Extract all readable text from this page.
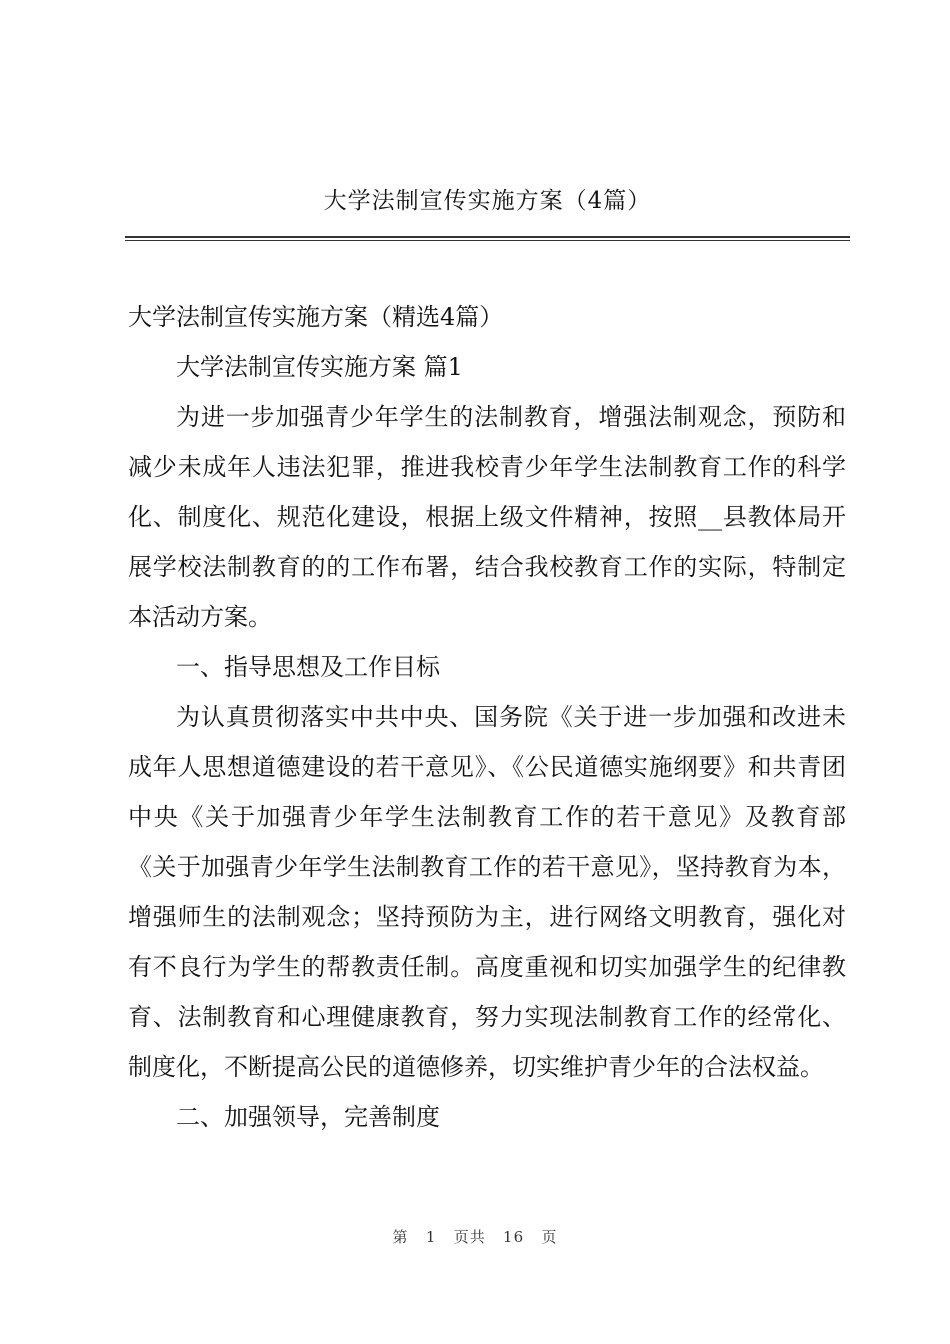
大学法制宣传实施方案（4篇）

大学法制宣传实施方案（精选4篇）

大学法制宣传实施方案 篇1

为进一步加强青少年学生的法制教育，增强法制观念，预防和减少未成年人违法犯罪，推进我校青少年学生法制教育工作的科学化、制度化、规范化建设，根据上级文件精神，按照__县教体局开展学校法制教育的的工作布署，结合我校教育工作的实际，特制定本活动方案。

一、指导思想及工作目标

为认真贯彻落实中共中央、国务院《关于进一步加强和改进未成年人思想道德建设的若干意见》、《公民道德实施纲要》和共青团中央《关于加强青少年学生法制教育工作的若干意见》及教育部《关于加强青少年学生法制教育工作的若干意见》，坚持教育为本，增强师生的法制观念；坚持预防为主，进行网络文明教育，强化对有不良行为学生的帮教责任制。高度重视和切实加强学生的纪律教育、法制教育和心理健康教育，努力实现法制教育工作的经常化、制度化，不断提高公民的道德修养，切实维护青少年的合法权益。

二、加强领导，完善制度

第 1 页共 16 页
